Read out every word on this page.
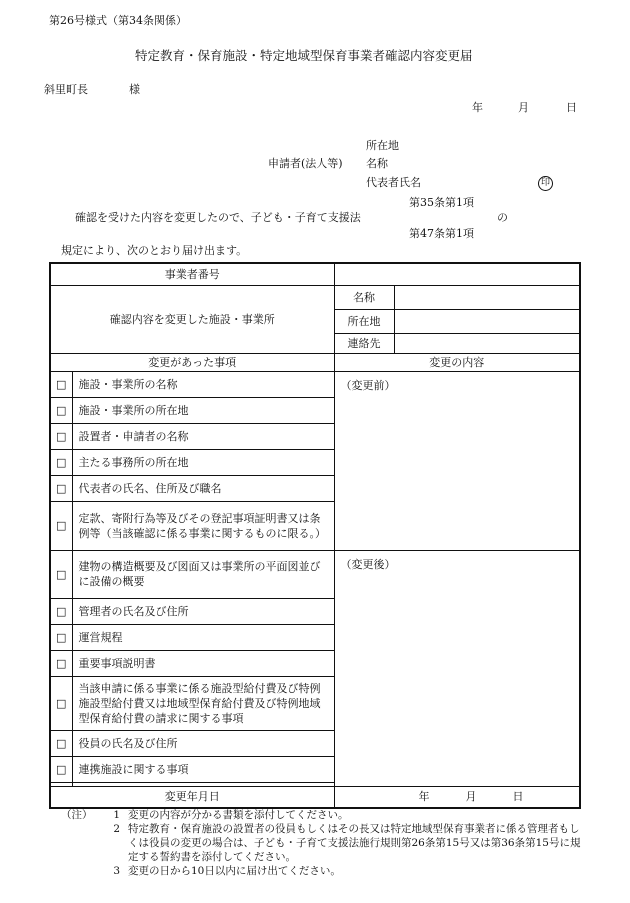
第26号様式（第34条関係）
特定教育・保育施設・特定地域型保育事業者確認内容変更届
斜里町長	様
年	月	日
所在地
申請者(法人等) 名称
代表者氏名	印
第35条第1項
確認を受けた内容を変更したので、子ども・子育て支援法	の
第47条第1項
規定により、次のとおり届け出ます。
事業者番号			
確認内容を変更した施設・事業所		名称	
		所在地	
		連絡先	
変更があった事項		変更の内容	
□	施設・事業所の名称	（変更前）	
□	施設・事業所の所在地		
□	設置者・申請者の名称		
□	主たる事務所の所在地		
□	代表者の氏名、住所及び職名		
□	定款、寄附行為等及びその登記事項証明書又は条例等（当該確認に係る事業に関するものに限る。）		
□	建物の構造概要及び図面又は事業所の平面図並びに設備の概要	（変更後）	
□	管理者の氏名及び住所		
□	運営規程		
□	重要事項説明書		
□	当該申請に係る事業に係る施設型給付費及び特例施設型給付費又は地域型保育給付費及び特例地域型保育給付費の請求に関する事項		
□	役員の氏名及び住所		
□	連携施設に関する事項		

変更年月日		年 月 日	
（注）	1 変更の内容が分かる書類を添付してください。
2 特定教育・保育施設の設置者の役員もしくはその長又は特定地域型保育事業者に係る管理者もしくは役員の変更の場合は、子ども・子育て支援法施行規則第26条第15号又は第36条第15号に規定する誓約書を添付してください。
3 変更の日から10日以内に届け出てください。
